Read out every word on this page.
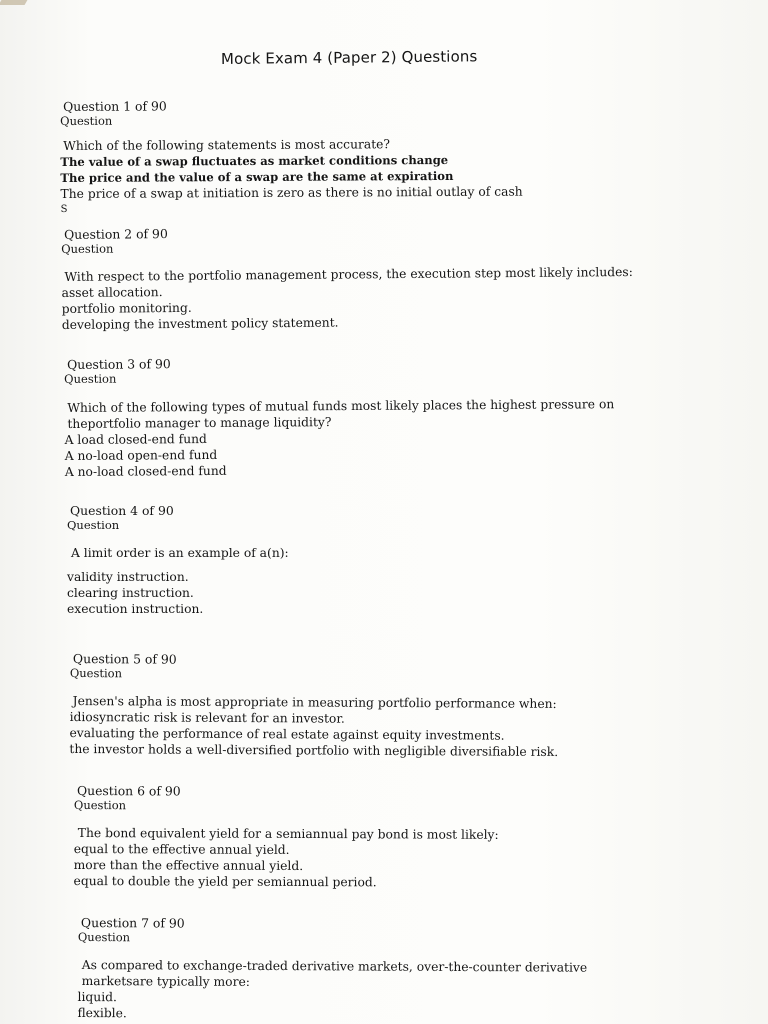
Mock Exam 4 (Paper 2) Questions
Question 1 of 90
Question
Which of the following statements is most accurate?
The value of a swap fluctuates as market conditions change
The price and the value of a swap are the same at expiration
The price of a swap at initiation is zero as there is no initial outlay of cash
S
Question 2 of 90
Question
With respect to the portfolio management process, the execution step most likely includes:
asset allocation.
portfolio monitoring.
developing the investment policy statement.
Question 3 of 90
Question
Which of the following types of mutual funds most likely places the highest pressure on
theportfolio manager to manage liquidity?
A load closed-end fund
A no-load open-end fund
A no-load closed-end fund
Question 4 of 90
Question
A limit order is an example of a(n):
validity instruction.
clearing instruction.
execution instruction.
Question 5 of 90
Question
Jensen's alpha is most appropriate in measuring portfolio performance when:
idiosyncratic risk is relevant for an investor.
evaluating the performance of real estate against equity investments.
the investor holds a well-diversified portfolio with negligible diversifiable risk.
Question 6 of 90
Question
The bond equivalent yield for a semiannual pay bond is most likely:
equal to the effective annual yield.
more than the effective annual yield.
equal to double the yield per semiannual period.
Question 7 of 90
Question
As compared to exchange-traded derivative markets, over-the-counter derivative
marketsare typically more:
liquid.
flexible.
